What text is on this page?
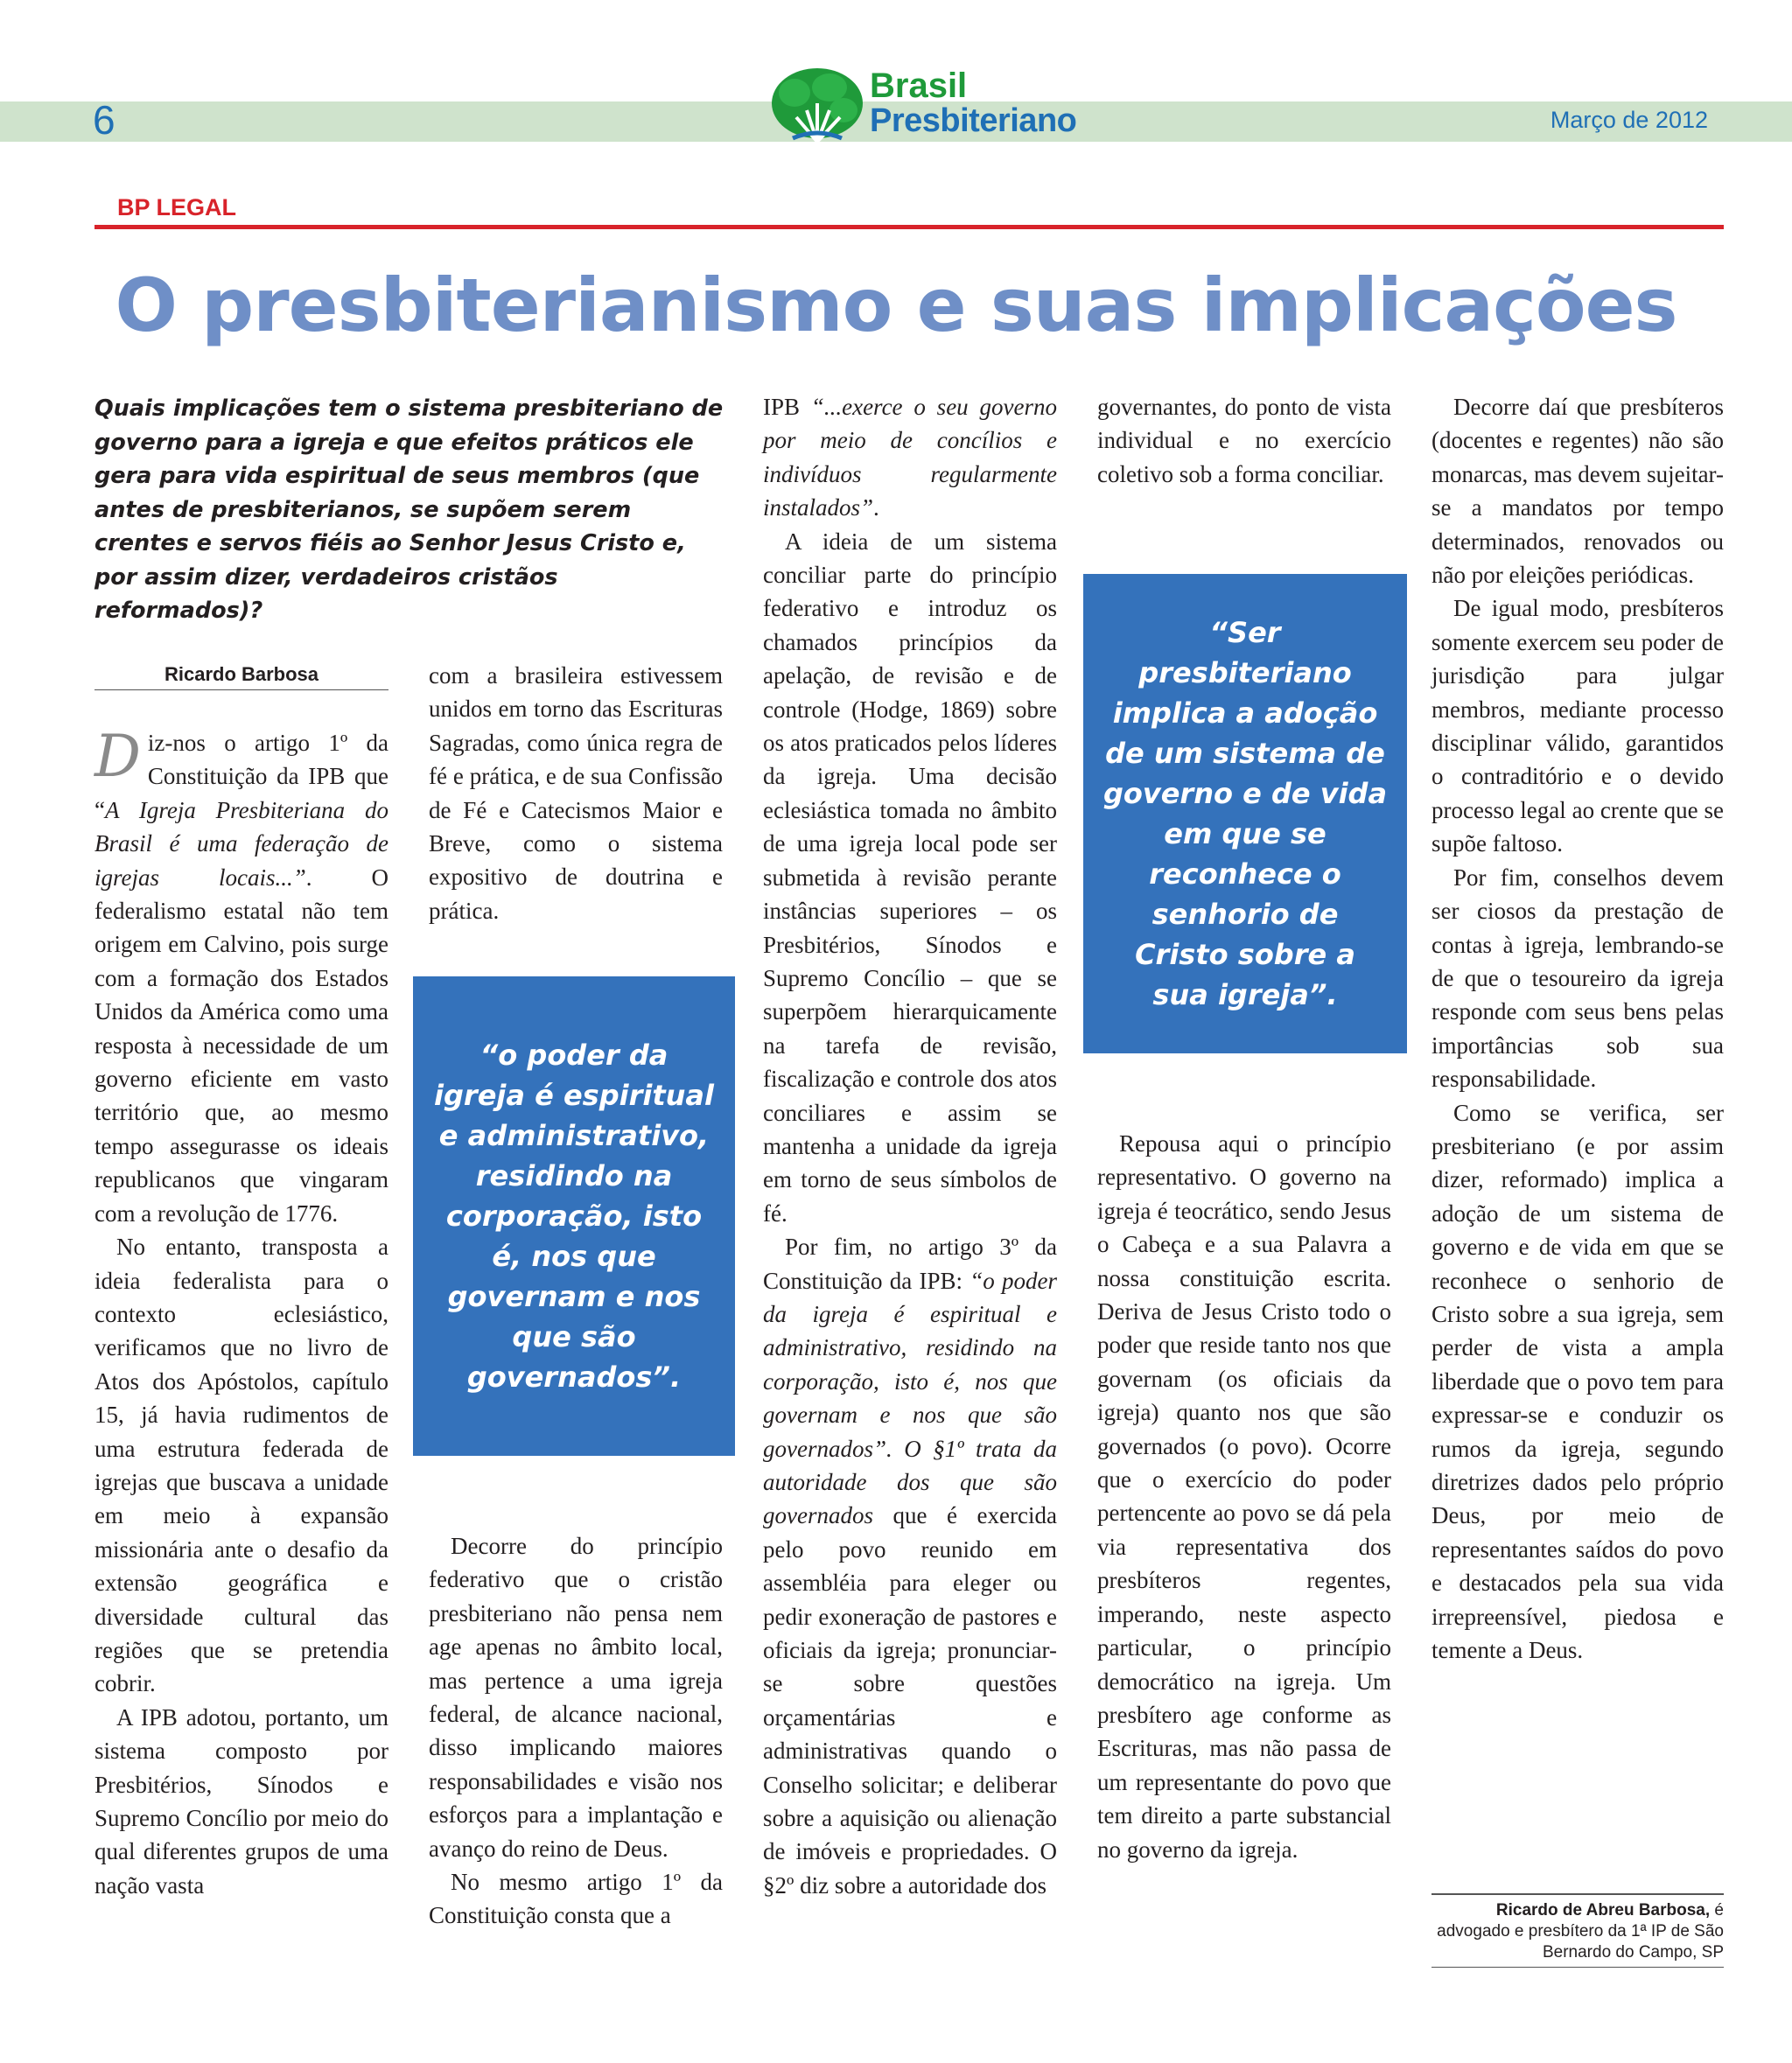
6	Março de 2012
Brasil
Presbiteriano
BP LEGAL
O presbiterianismo e suas implicações
Quais implicações tem o sistema presbiteriano de governo para a igreja e que efeitos práticos ele gera para vida espiritual de seus membros (que antes de presbiterianos, se supõem serem crentes e servos fiéis ao Senhor Jesus Cristo e, por assim dizer, verdadeiros cristãos reformados)?
Ricardo Barbosa

Diz-nos o artigo 1º da Constituição da IPB que “A Igreja Presbiteriana do Brasil é uma federação de igrejas locais...”. O federalismo estatal não tem origem em Calvino, pois surge com a formação dos Estados Unidos da América como uma resposta à necessidade de um governo eficiente em vasto território que, ao mesmo tempo assegurasse os ideais republicanos que vingaram com a revolução de 1776.

No entanto, transposta a ideia federalista para o contexto eclesiástico, verificamos que no livro de Atos dos Apóstolos, capítulo 15, já havia rudimentos de uma estrutura federada de igrejas que buscava a unidade em meio à expansão missionária ante o desafio da extensão geográfica e diversidade cultural das regiões que se pretendia cobrir.

A IPB adotou, portanto, um sistema composto por Presbitérios, Sínodos e Supremo Concílio por meio do qual diferentes grupos de uma nação vasta

com a brasileira estivessem unidos em torno das Escrituras Sagradas, como única regra de fé e prática, e de sua Confissão de Fé e Catecismos Maior e Breve, como o sistema expositivo de doutrina e prática.

“o poder da igreja é espiritual e administrativo, residindo na corporação, isto é, nos que governam e nos que são governados”.

Decorre do princípio federativo que o cristão presbiteriano não pensa nem age apenas no âmbito local, mas pertence a uma igreja federal, de alcance nacional, disso implicando maiores responsabilidades e visão nos esforços para a implantação e avanço do reino de Deus.

No mesmo artigo 1º da Constituição consta que a

IPB “...exerce o seu governo por meio de concílios e indivíduos regularmente instalados”.

A ideia de um sistema conciliar parte do princípio federativo e introduz os chamados princípios da apelação, de revisão e de controle (Hodge, 1869) sobre os atos praticados pelos líderes da igreja. Uma decisão eclesiástica tomada no âmbito de uma igreja local pode ser submetida à revisão perante instâncias superiores – os Presbitérios, Sínodos e Supremo Concílio – que se superpõem hierarquicamente na tarefa de revisão, fiscalização e controle dos atos conciliares e assim se mantenha a unidade da igreja em torno de seus símbolos de fé.

Por fim, no artigo 3º da Constituição da IPB: “o poder da igreja é espiritual e administrativo, residindo na corporação, isto é, nos que governam e nos que são governados”. O §1º trata da autoridade dos que são governados que é exercida pelo povo reunido em assembléia para eleger ou pedir exoneração de pastores e oficiais da igreja; pronunciar-se sobre questões orçamentárias e administrativas quando o Conselho solicitar; e deliberar sobre a aquisição ou alienação de imóveis e propriedades. O §2º diz sobre a autoridade dos

governantes, do ponto de vista individual e no exercício coletivo sob a forma conciliar.

“Ser presbiteriano implica a adoção de um sistema de governo e de vida em que se reconhece o senhorio de Cristo sobre a sua igreja”.

Repousa aqui o princípio representativo. O governo na igreja é teocrático, sendo Jesus o Cabeça e a sua Palavra a nossa constituição escrita. Deriva de Jesus Cristo todo o poder que reside tanto nos que governam (os oficiais da igreja) quanto nos que são governados (o povo). Ocorre que o exercício do poder pertencente ao povo se dá pela via representativa dos presbíteros regentes, imperando, neste aspecto particular, o princípio democrático na igreja. Um presbítero age conforme as Escrituras, mas não passa de um representante do povo que tem direito a parte substancial no governo da igreja.

Decorre daí que presbíteros (docentes e regentes) não são monarcas, mas devem sujeitar-se a mandatos por tempo determinados, renovados ou não por eleições periódicas.

De igual modo, presbíteros somente exercem seu poder de jurisdição para julgar membros, mediante processo disciplinar válido, garantidos o contraditório e o devido processo legal ao crente que se supõe faltoso.

Por fim, conselhos devem ser ciosos da prestação de contas à igreja, lembrando-se de que o tesoureiro da igreja responde com seus bens pelas importâncias sob sua responsabilidade.

Como se verifica, ser presbiteriano (e por assim dizer, reformado) implica a adoção de um sistema de governo e de vida em que se reconhece o senhorio de Cristo sobre a sua igreja, sem perder de vista a ampla liberdade que o povo tem para expressar-se e conduzir os rumos da igreja, segundo diretrizes dados pelo próprio Deus, por meio de representantes saídos do povo e destacados pela sua vida irrepreensível, piedosa e temente a Deus.

Ricardo de Abreu Barbosa, é advogado e presbítero da 1ª IP de São Bernardo do Campo, SP
